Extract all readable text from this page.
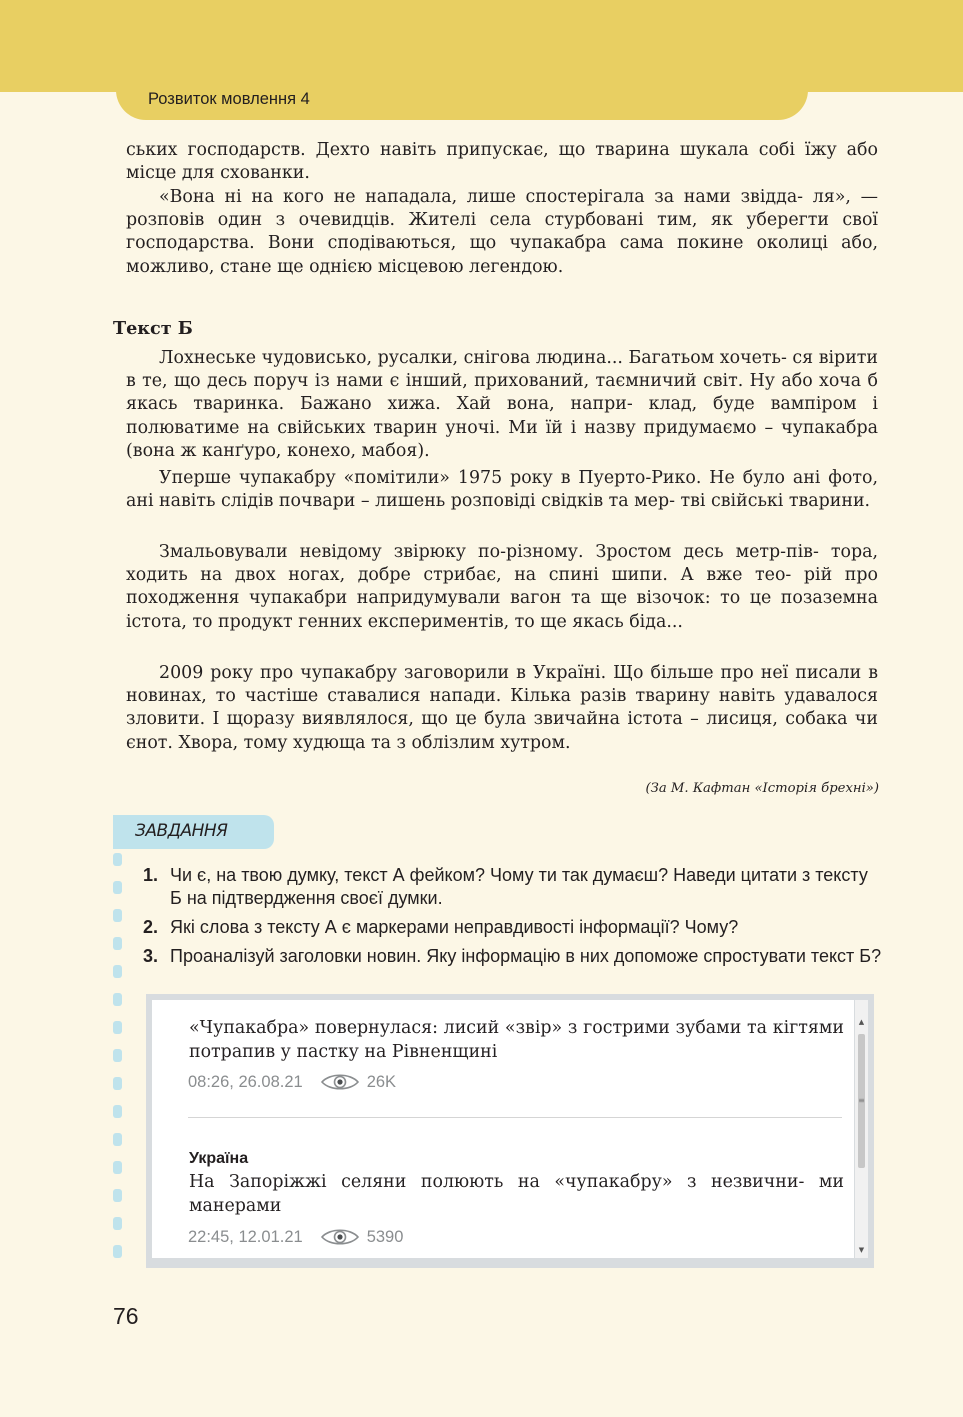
Розвиток мовлення 4

ських господарств. Дехто навіть припускає, що тварина шукала собі їжу або місце для схованки.

«Вона ні на кого не нападала, лише спостерігала за нами звідда- ля», — розповів один з очевидців. Жителі села стурбовані тим, як уберегти свої господарства. Вони сподіваються, що чупакабра сама покине околиці або, можливо, стане ще однією місцевою легендою.

Текст Б

Лохнеське чудовисько, русалки, снігова людина... Багатьом хочеть- ся вірити в те, що десь поруч із нами є інший, прихований, таємничий світ. Ну або хоча б якась тваринка. Бажано хижа. Хай вона, напри- клад, буде вампіром і полюватиме на свійських тварин уночі. Ми їй і назву придумаємо – чупакабра (вона ж канґуро, конехо, мабоя).

Уперше чупакабру «помітили» 1975 року в Пуерто-Рико. Не було ані фото, ані навіть слідів почвари – лишень розповіді свідків та мер- тві свійські тварини.

Змальовували невідому звірюку по-різному. Зростом десь метр-пів- тора, ходить на двох ногах, добре стрибає, на спині шипи. А вже тео- рій про походження чупакабри напридумували вагон та ще візочок: то це позаземна істота, то продукт генних експериментів, то ще якась біда...

2009 року про чупакабру заговорили в Україні. Що більше про неї писали в новинах, то частіше ставалися напади. Кілька разів тварину навіть удавалося зловити. І щоразу виявлялося, що це була звичайна істота – лисиця, собака чи єнот. Хвора, тому худюща та з облізлим хутром.

(За М. Кафтан «Історія брехні»)
ЗАВДАННЯ
1. Чи є, на твою думку, текст А фейком? Чому ти так думаєш? Наведи цитати з тексту Б на підтвердження своєї думки.
2. Які слова з тексту А є маркерами неправдивості інформації? Чому?
3. Проаналізуй заголовки новин. Яку інформацію в них допоможе спростувати текст Б?
«Чупакабра» повернулася: лисий «звір» з гострими зубами та кігтями потрапив у пастку на Рівненщині
08:26, 26.08.21	26K
Україна
На Запоріжжі селяни полюють на «чупакабру» з незвични- ми манерами
22:45, 12.01.21	5390
▲
≡
▼
76
